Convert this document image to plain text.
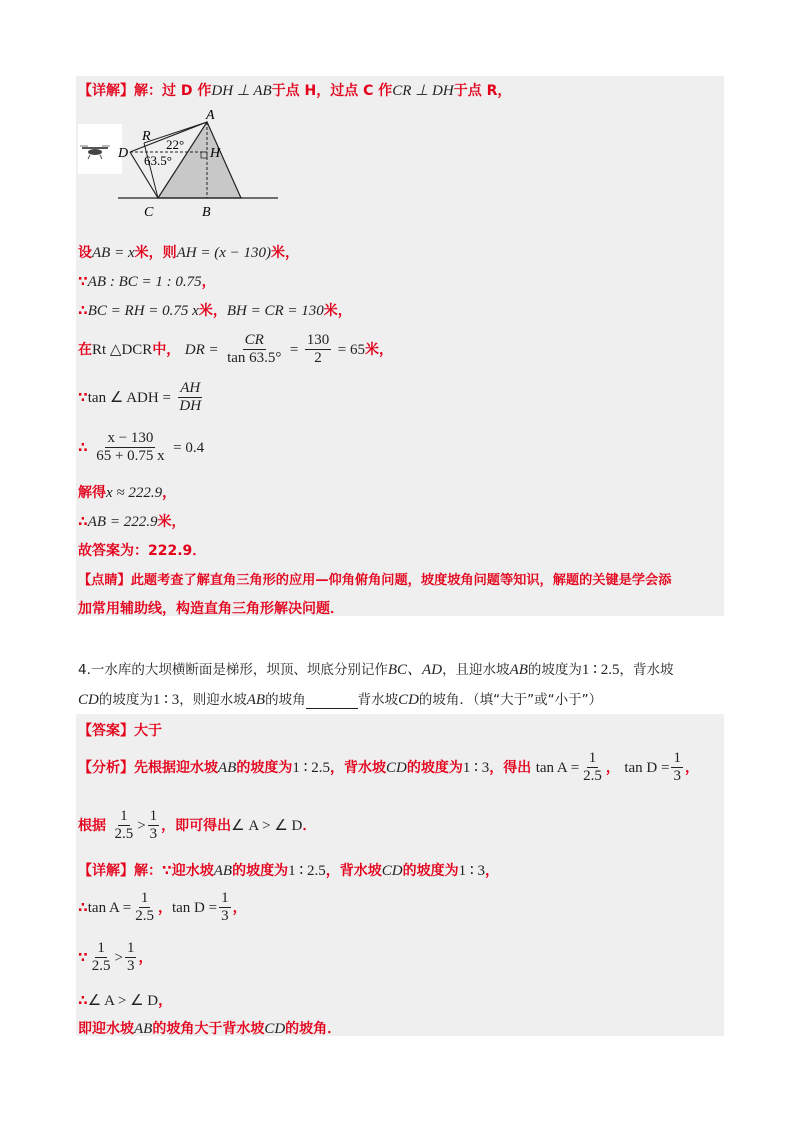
【详解】解：过 D 作DH ⊥ AB于点 H，过点 C 作CR ⊥ DH于点 R，
A
R
D	H
C	B
22°
63.5°
设AB = x米，则AH = (x − 130)米，
∵AB : BC = 1 : 0.75，
∴BC = RH = 0.75 x米，BH = CR = 130米，
在Rt △DCR中， DR = $\frac{CR}{\tan 63.5^\circ} = \frac{130}{2} = 65$米，
∵tan ∠ ADH = $\frac{AH}{DH}$
∴ $\frac{x - 130}{65 + 0.75 x} = 0.4$
解得x ≈ 222.9，
∴AB = 222.9米，
故答案为：222.9．
【点睛】此题考查了解直角三角形的应用—仰角俯角问题，坡度坡角问题等知识，解题的关键是学会添
加常用辅助线，构造直角三角形解决问题．
4.一水库的大坝横断面是梯形，坝顶、坝底分别记作BC、AD，且迎水坡AB的坡度为1 ∶ 2.5，背水坡
CD的坡度为1 ∶ 3，则迎水坡AB的坡角	背水坡CD的坡角．（填“大于”或“小于”）
【答案】大于
【分析】先根据迎水坡AB的坡度为1 ∶ 2.5，背水坡CD的坡度为1 ∶ 3，得出 $\tan A = \frac{1}{2.5}$ ， $\tan D = \frac{1}{3}$ ，
根据 $\frac{1}{2.5} > \frac{1}{3}$ ，即可得出∠ A > ∠ D．
【详解】解：∵迎水坡AB的坡度为1 ∶ 2.5，背水坡CD的坡度为1 ∶ 3，
∴tan $A = \frac{1}{2.5}$ ，$\tan D = \frac{1}{3}$ ，
∵ $\frac{1}{2.5} > \frac{1}{3}$ ，
∴∠ A > ∠ D，
即迎水坡AB的坡角大于背水坡CD的坡角．
